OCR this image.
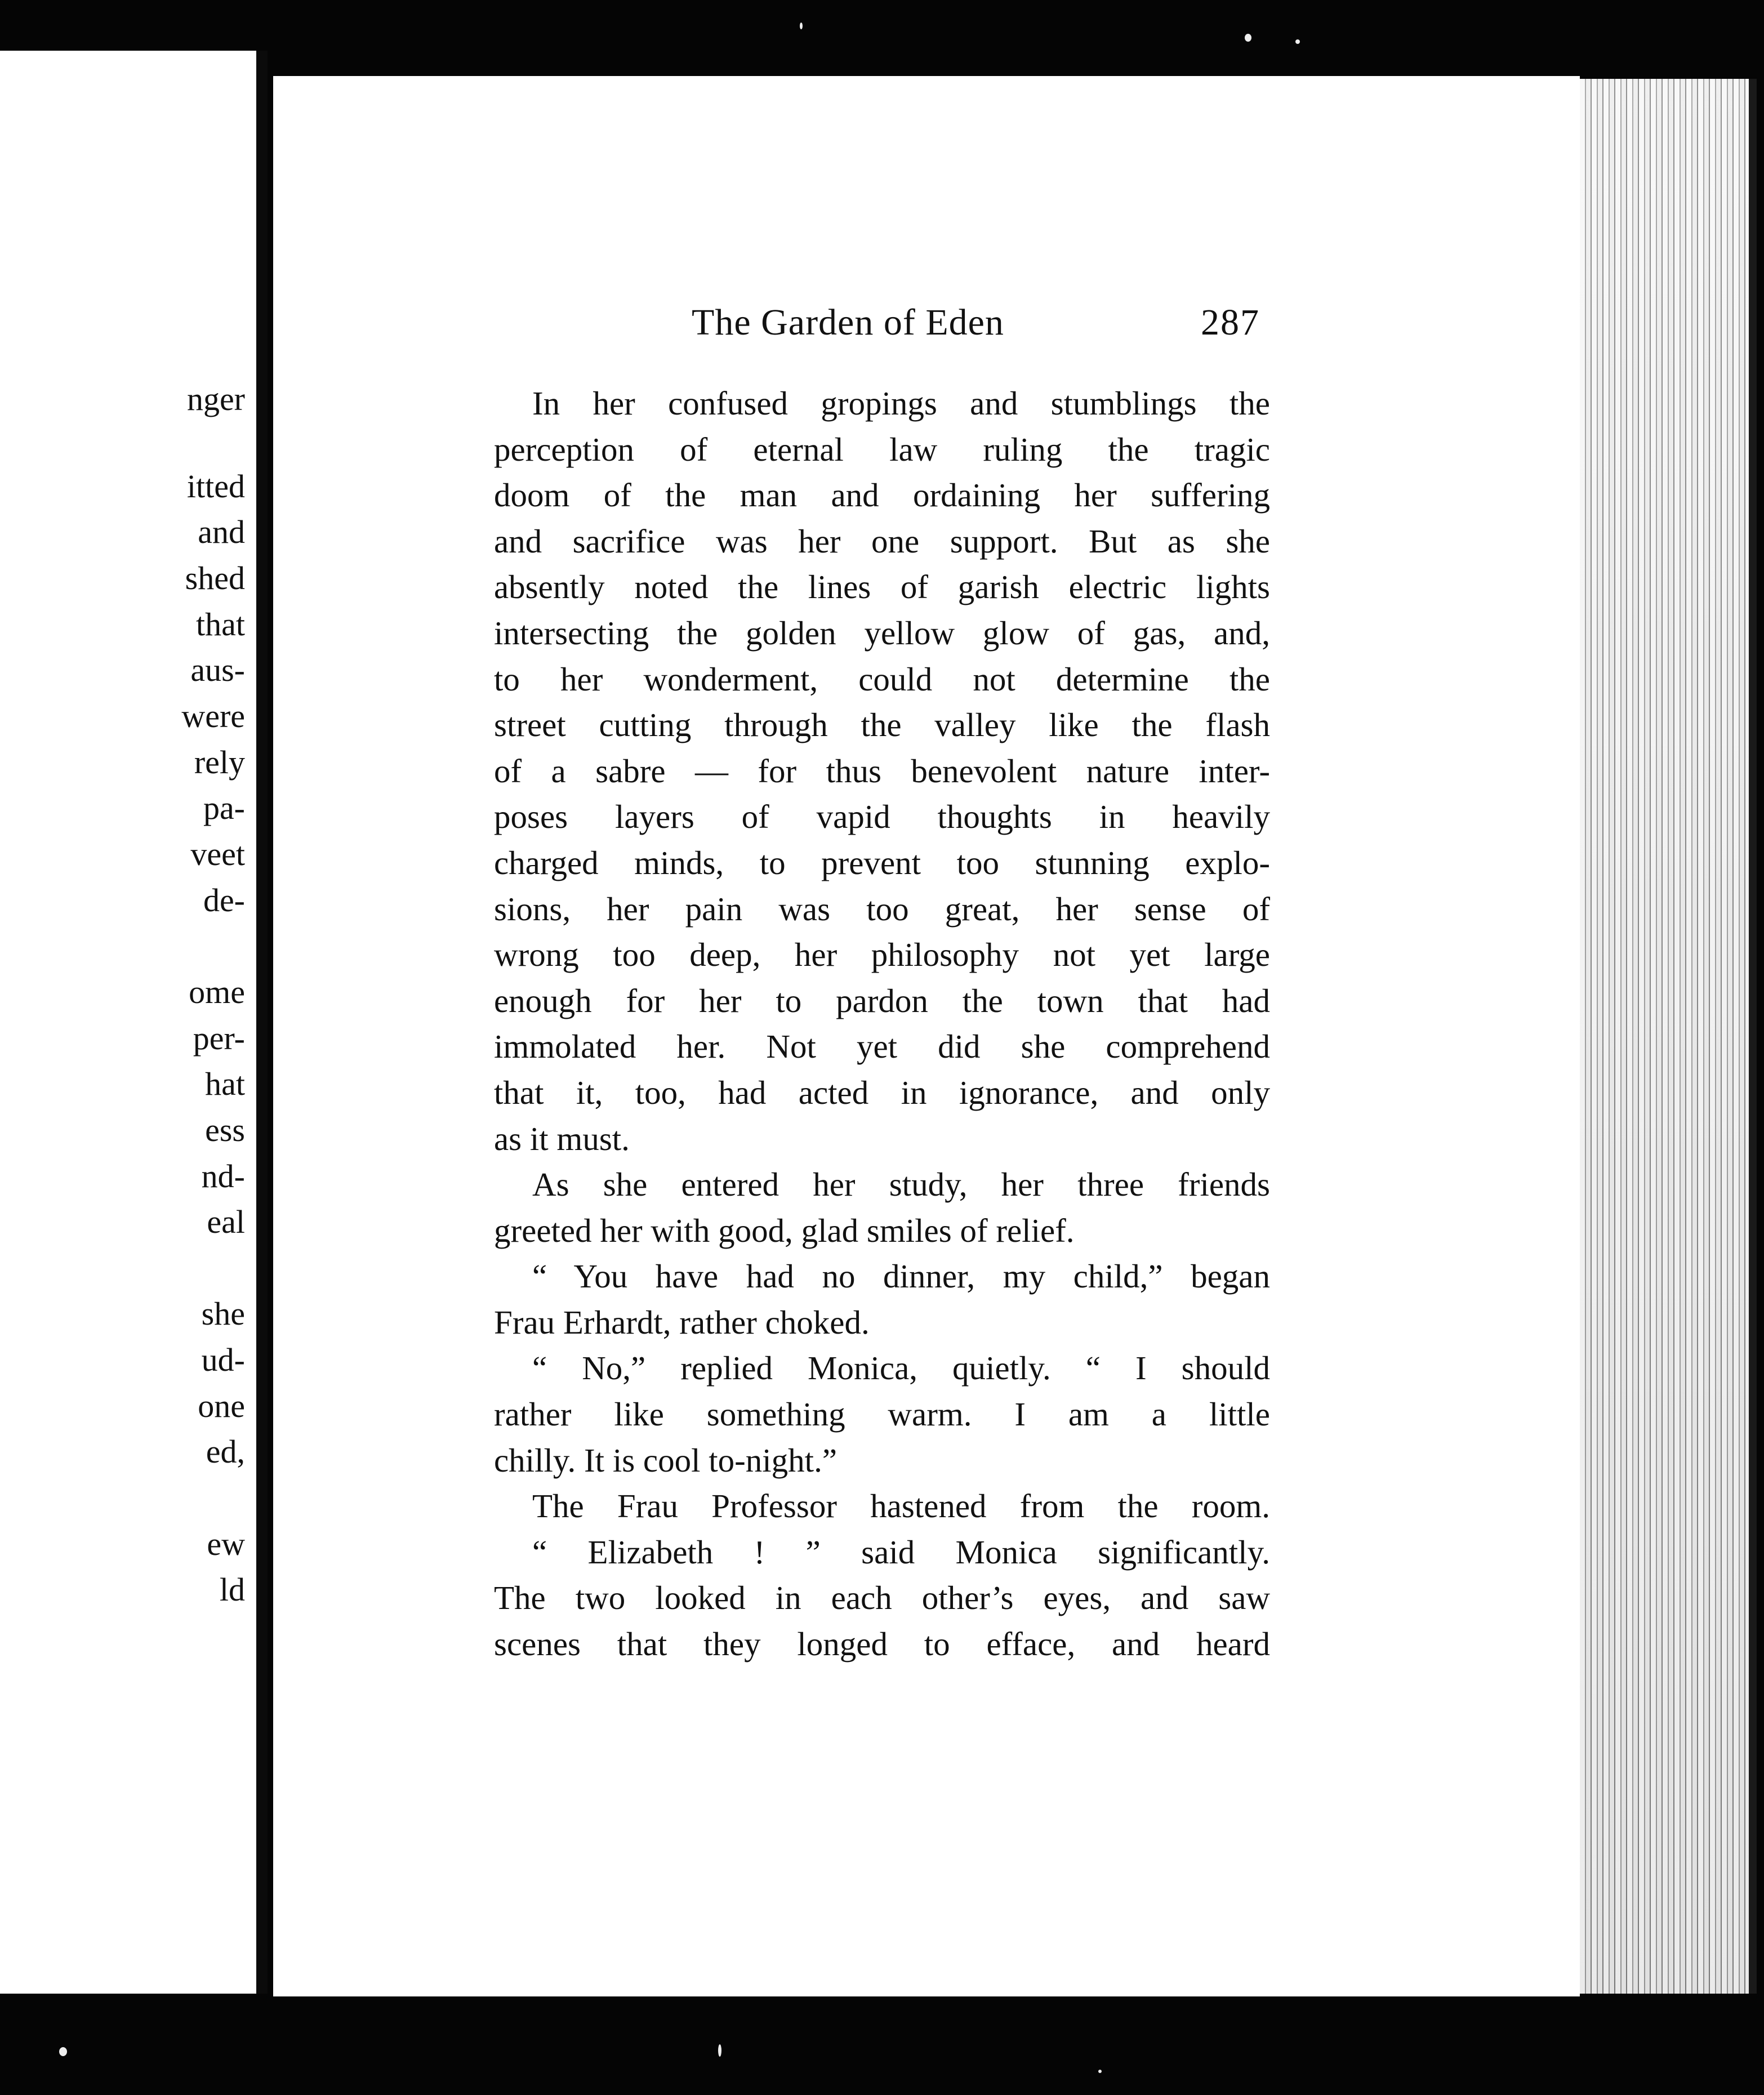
nger
itted
and
shed
that
aus-
were
rely
pa-
veet
de-
ome
per-
hat
ess
nd-
eal
she
ud-
one
ed,
ew
ld
The Garden of Eden	287
In her confused gropings and stumblings the
perception of eternal law ruling the tragic
doom of the man and ordaining her suffering
and sacrifice was her one support. But as she
absently noted the lines of garish electric lights
intersecting the golden yellow glow of gas, and,
to her wonderment, could not determine the
street cutting through the valley like the flash
of a sabre — for thus benevolent nature inter-
poses layers of vapid thoughts in heavily
charged minds, to prevent too stunning explo-
sions, her pain was too great, her sense of
wrong too deep, her philosophy not yet large
enough for her to pardon the town that had
immolated her. Not yet did she comprehend
that it, too, had acted in ignorance, and only
as it must.
As she entered her study, her three friends
greeted her with good, glad smiles of relief.
“ You have had no dinner, my child,” began
Frau Erhardt, rather choked.
“ No,” replied Monica, quietly. “ I should
rather like something warm. I am a little
chilly. It is cool to-night.”
The Frau Professor hastened from the room.
“ Elizabeth ! ” said Monica significantly.
The two looked in each other’s eyes, and saw
scenes that they longed to efface, and heard
